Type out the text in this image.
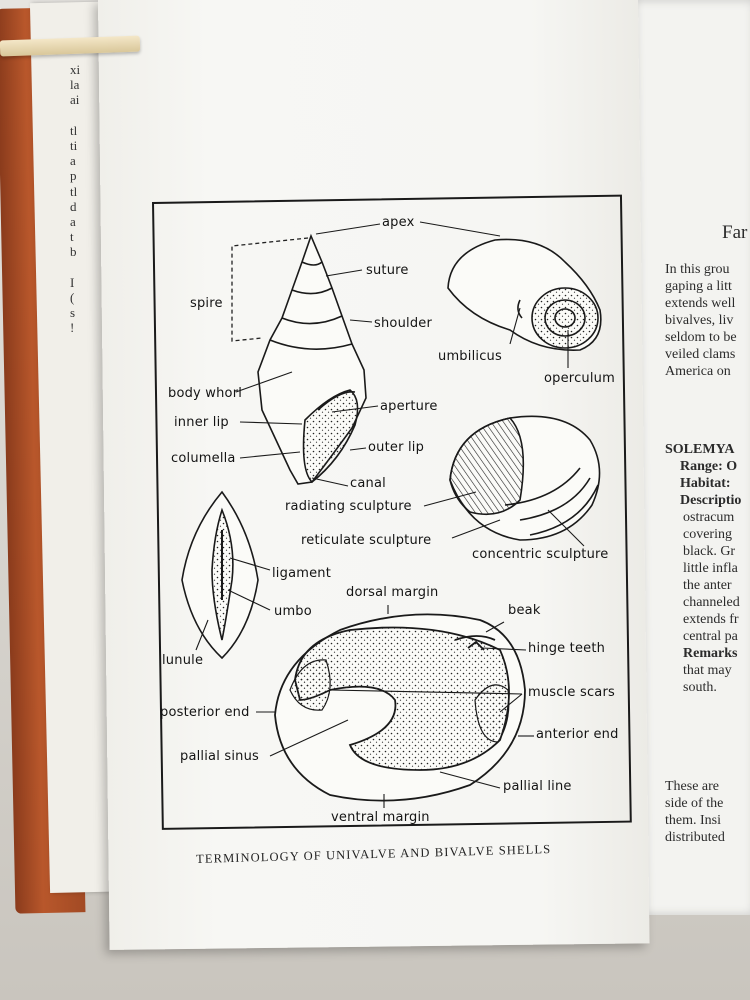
xi
la
ai

tl
ti
a
p
tl
d
a
t
b

I
(
s
!
Far
In this grou
gaping a litt
extends well
bivalves, liv
seldom to be
veiled clams
America on
SOLEMYA
Range: O
Habitat:
Descriptio
ostracum
covering
black. Gr
little infla
the anter
channeled
extends fr
central pa
Remarks
that may
south.
These are
side of the
them. Insi
distributed
apex
suture
spire
shoulder
umbilicus
operculum
body whorl
aperture
inner lip
outer lip
columella
canal
radiating sculpture
reticulate sculpture
concentric sculpture
ligament
dorsal margin
umbo	beak
hinge teeth
lunule
muscle scars
posterior end
anterior end
pallial sinus
pallial line
ventral margin
TERMINOLOGY OF UNIVALVE AND BIVALVE SHELLS
